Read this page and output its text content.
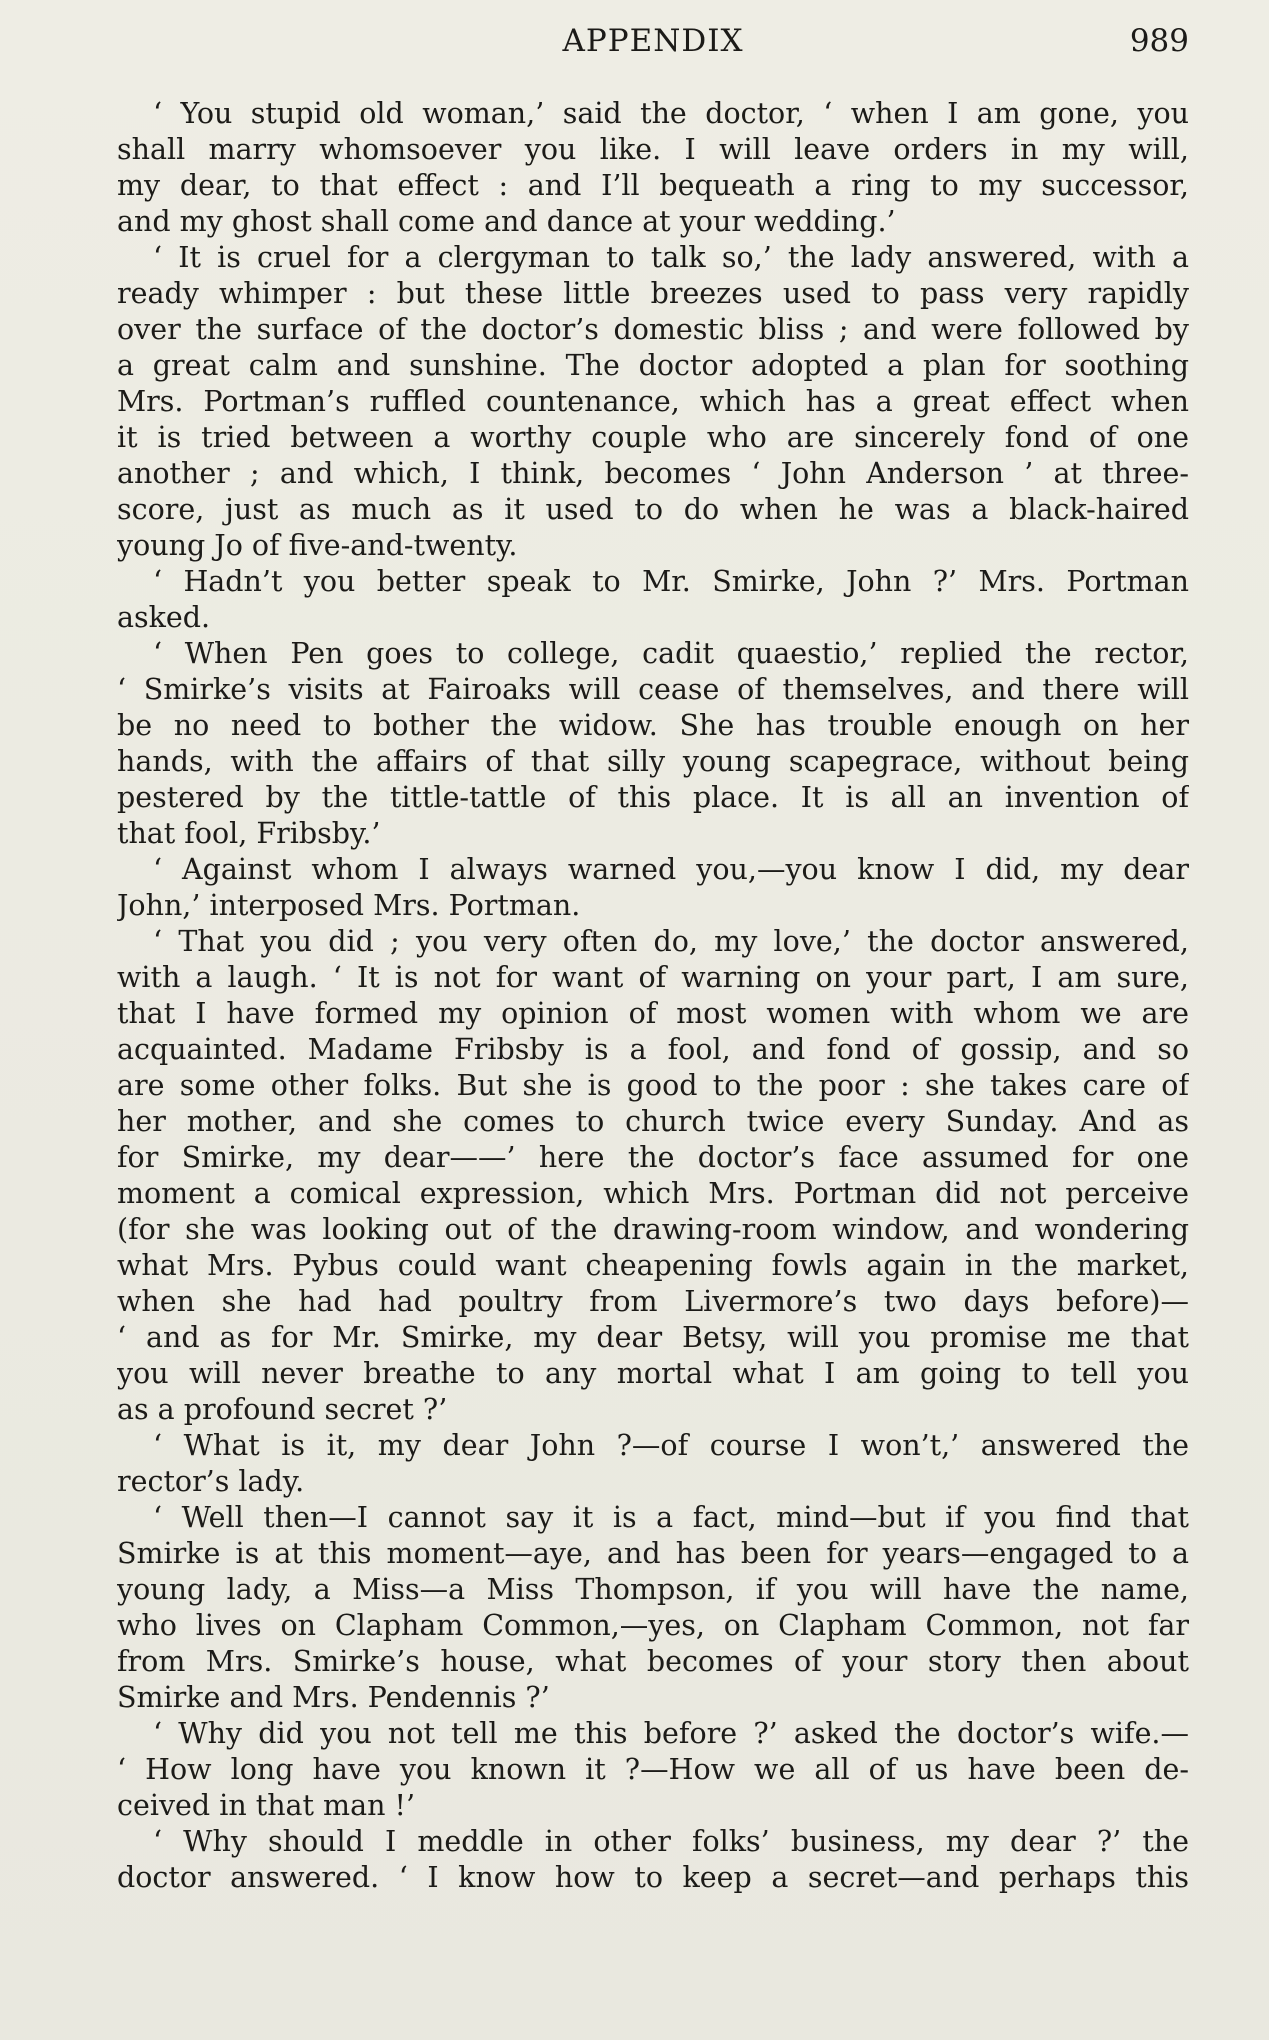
APPENDIX	989
‘ You stupid old woman,’ said the doctor, ‘ when I am gone, you
shall marry whomsoever you like. I will leave orders in my will,
my dear, to that effect : and I’ll bequeath a ring to my successor,
and my ghost shall come and dance at your wedding.’
‘ It is cruel for a clergyman to talk so,’ the lady answered, with a
ready whimper : but these little breezes used to pass very rapidly
over the surface of the doctor’s domestic bliss ; and were followed by
a great calm and sunshine. The doctor adopted a plan for soothing
Mrs. Portman’s ruffled countenance, which has a great effect when
it is tried between a worthy couple who are sincerely fond of one
another ; and which, I think, becomes ‘ John Anderson ’ at three-
score, just as much as it used to do when he was a black-haired
young Jo of five-and-twenty.
‘ Hadn’t you better speak to Mr. Smirke, John ?’ Mrs. Portman
asked.
‘ When Pen goes to college, cadit quaestio,’ replied the rector,
‘ Smirke’s visits at Fairoaks will cease of themselves, and there will
be no need to bother the widow. She has trouble enough on her
hands, with the affairs of that silly young scapegrace, without being
pestered by the tittle-tattle of this place. It is all an invention of
that fool, Fribsby.’
‘ Against whom I always warned you,—you know I did, my dear
John,’ interposed Mrs. Portman.
‘ That you did ; you very often do, my love,’ the doctor answered,
with a laugh. ‘ It is not for want of warning on your part, I am sure,
that I have formed my opinion of most women with whom we are
acquainted. Madame Fribsby is a fool, and fond of gossip, and so
are some other folks. But she is good to the poor : she takes care of
her mother, and she comes to church twice every Sunday. And as
for Smirke, my dear——’ here the doctor’s face assumed for one
moment a comical expression, which Mrs. Portman did not perceive
(for she was looking out of the drawing-room window, and wondering
what Mrs. Pybus could want cheapening fowls again in the market,
when she had had poultry from Livermore’s two days before)—
‘ and as for Mr. Smirke, my dear Betsy, will you promise me that
you will never breathe to any mortal what I am going to tell you
as a profound secret ?’
‘ What is it, my dear John ?—of course I won’t,’ answered the
rector’s lady.
‘ Well then—I cannot say it is a fact, mind—but if you find that
Smirke is at this moment—aye, and has been for years—engaged to a
young lady, a Miss—a Miss Thompson, if you will have the name,
who lives on Clapham Common,—yes, on Clapham Common, not far
from Mrs. Smirke’s house, what becomes of your story then about
Smirke and Mrs. Pendennis ?’
‘ Why did you not tell me this before ?’ asked the doctor’s wife.—
‘ How long have you known it ?—How we all of us have been de-
ceived in that man !’
‘ Why should I meddle in other folks’ business, my dear ?’ the
doctor answered. ‘ I know how to keep a secret—and perhaps this
